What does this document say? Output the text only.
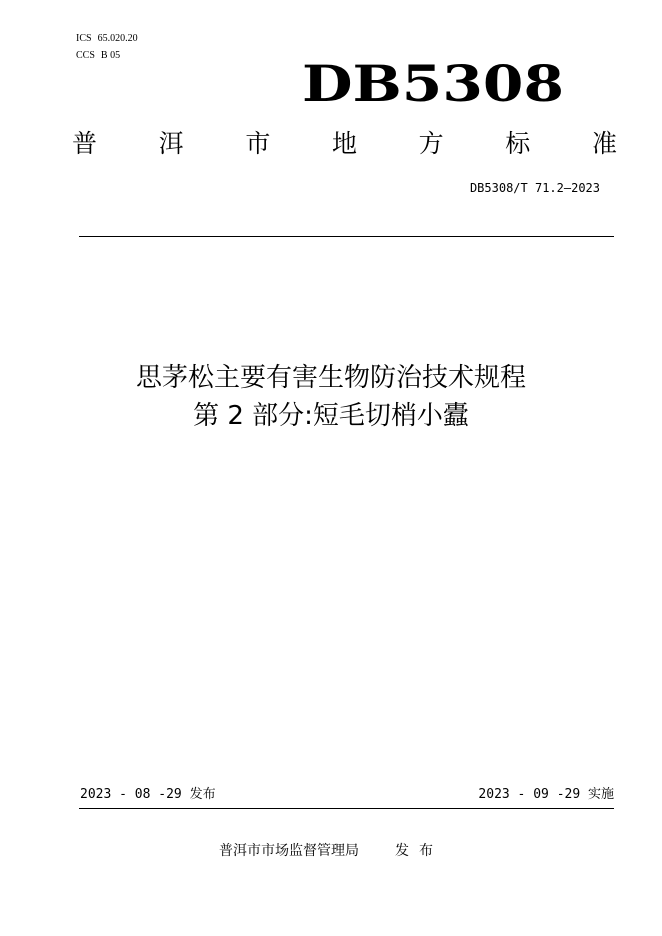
ICS 65.020.20
CCS B 05	DB5308
普 洱 市 地 方 标 准
DB5308/T 71.2—2023
思茅松主要有害生物防治技术规程
第 2 部分:短毛切梢小蠹
2023 - 08 -29 发布	2023 - 09 -29 实施
普洱市市场监督管理局	发布
